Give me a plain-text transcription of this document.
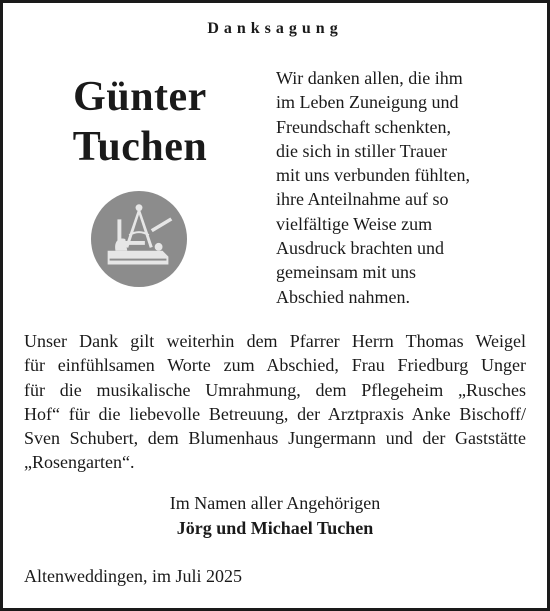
Danksagung
Günter
Tuchen
Wir danken allen, die ihm
im Leben Zuneigung und
Freundschaft schenkten,
die sich in stiller Trauer
mit uns verbunden fühlten,
ihre Anteilnahme auf so
vielfältige Weise zum
Ausdruck brachten und
gemeinsam mit uns
Abschied nahmen.
Unser Dank gilt weiterhin dem Pfarrer Herrn Thomas Weigel
für einfühlsamen Worte zum Abschied, Frau Friedburg Unger
für die musikalische Umrahmung, dem Pflegeheim „Rusches
Hof“ für die liebevolle Betreuung, der Arztpraxis Anke Bischoff/
Sven Schubert, dem Blumenhaus Jungermann und der Gaststätte
„Rosengarten“.
Im Namen aller Angehörigen
Jörg und Michael Tuchen
Altenweddingen, im Juli 2025
